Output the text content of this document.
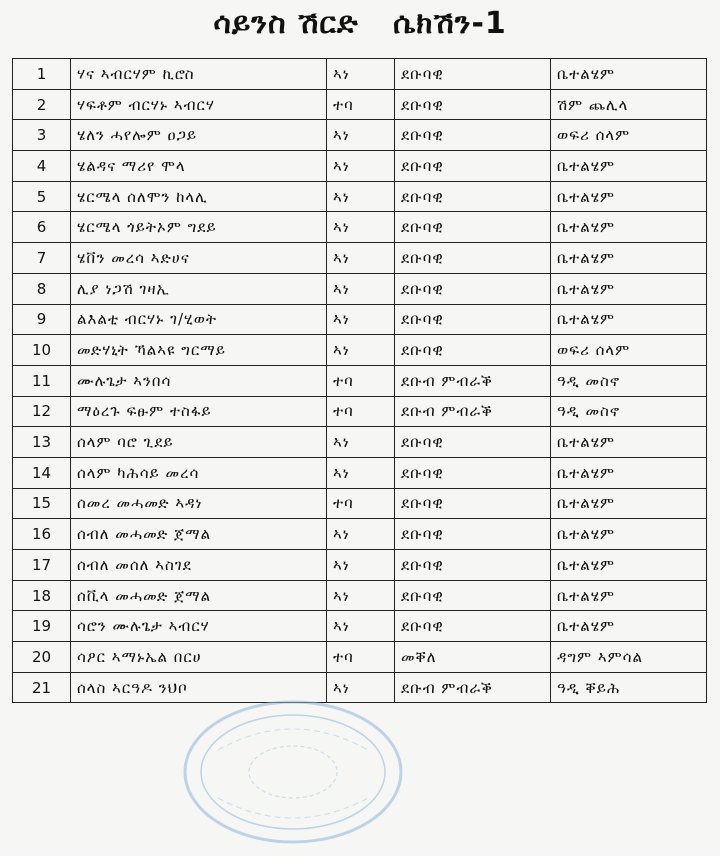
ሳይንስ ሽርድ   ሴክሽን-1
1	ሃና ኣብርሃም ኪሮስ	ኣነ	ደቡባዊ	ቤተልሄም
2	ሃፍቶም ብርሃኑ ኣብርሃ	ተባ	ደቡባዊ	ሽም ጨሊላ
3	ሄለን ሓየሎም ዐጋይ	ኣነ	ደቡባዊ	ወፍሪ ሰላም
4	ሄልዳና ማሪየ ሞላ	ኣነ	ደቡባዊ	ቤተልሄም
5	ሄርሜላ ሰለሞን ከላሊ	ኣነ	ደቡባዊ	ቤተልሄም
6	ሄርሜላ ጎይትኦም ግደይ	ኣነ	ደቡባዊ	ቤተልሄም
7	ሄቨን መረሳ ኣድሀና	ኣነ	ደቡባዊ	ቤተልሄም
8	ሊያ ነጋሽ ገዛኢ	ኣነ	ደቡባዊ	ቤተልሄም
9	ልእልቲ ብርሃኑ ገ/ሂወት	ኣነ	ደቡባዊ	ቤተልሄም
10	መድሃኒት ኻልኣዩ ግርማይ	ኣነ	ደቡባዊ	ወፍሪ ሰላም
11	ሙሉጌታ ኣንበሳ	ተባ	ደቡብ ምብራቕ	ዓዲ መስኖ
12	ማዕረጉ ፍፁም ተስፋይ	ተባ	ደቡብ ምብራቕ	ዓዲ መስኖ
13	ሰላም ባሮ ጊደይ	ኣነ	ደቡባዊ	ቤተልሄም
14	ሰላም ካሕሳይ መረሳ	ኣነ	ደቡባዊ	ቤተልሄም
15	ሰመረ መሓመድ ኣዳነ	ተባ	ደቡባዊ	ቤተልሄም
16	ሰብለ መሓመድ ጀማል	ኣነ	ደቡባዊ	ቤተልሄም
17	ሰብለ መሰለ ኣስገደ	ኣነ	ደቡባዊ	ቤተልሄም
18	ሰቪላ መሓመድ ጀማል	ኣነ	ደቡባዊ	ቤተልሄም
19	ሳሮን ሙሉጌታ ኣብርሃ	ኣነ	ደቡባዊ	ቤተልሄም
20	ሳዖር ኣማኑኤል በርሀ	ተባ	መቐለ	ዳግም ኣምሳል
21	ሰላስ ኣርዓዶ ንህቦ	ኣነ	ደቡብ ምብራቕ	ዓዲ ቐይሕ
